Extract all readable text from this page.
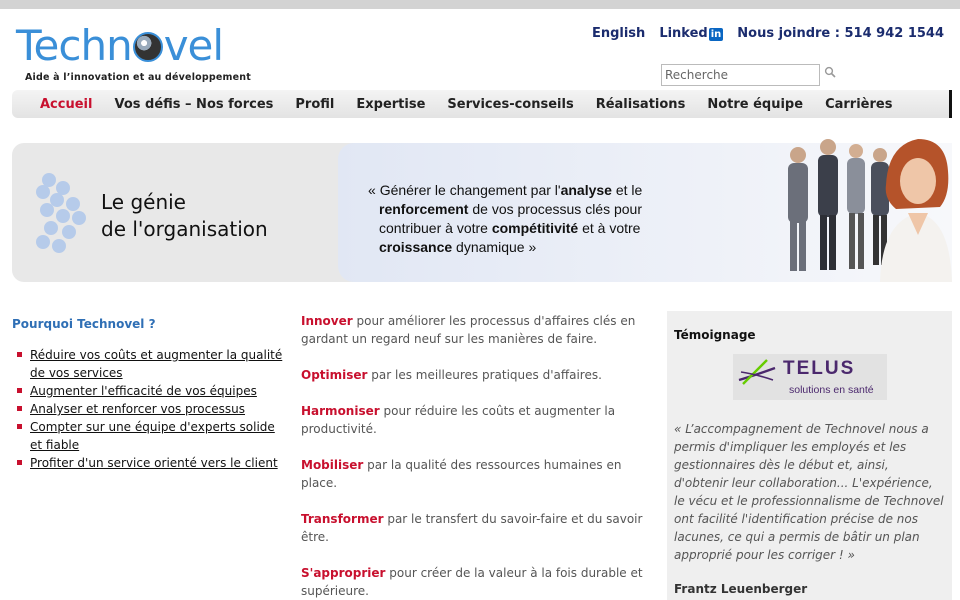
Techn vel
Aide à l’innovation et au développement
English Linked in Nous joindre : 514 942 1544
Recherche
Accueil Vos défis – Nos forces Profil Expertise Services-conseils Réalisations Notre équipe Carrières
Le génie
de l'organisation
« Générer le changement par l'analyse et le renforcement de vos processus clés pour contribuer à votre compétitivité et à votre croissance dynamique »
Pourquoi Technovel ?
Réduire vos coûts et augmenter la qualité de vos services
Augmenter l'efficacité de vos équipes
Analyser et renforcer vos processus
Compter sur une équipe d'experts solide et fiable
Profiter d'un service orienté vers le client

Innover pour améliorer les processus d'affaires clés en gardant un regard neuf sur les manières de faire.

Optimiser par les meilleures pratiques d'affaires.

Harmoniser pour réduire les coûts et augmenter la productivité.

Mobiliser par la qualité des ressources humaines en place.

Transformer par le transfert du savoir-faire et du savoir être.

S'approprier pour créer de la valeur à la fois durable et supérieure.

Témoignage
TELUS
solutions en santé

« L’accompagnement de Technovel nous a permis d'impliquer les employés et les gestionnaires dès le début et, ainsi, d'obtenir leur collaboration... L'expérience, le vécu et le professionnalisme de Technovel ont facilité l'identification précise de nos lacunes, ce qui a permis de bâtir un plan approprié pour les corriger ! »

Frantz Leuenberger
